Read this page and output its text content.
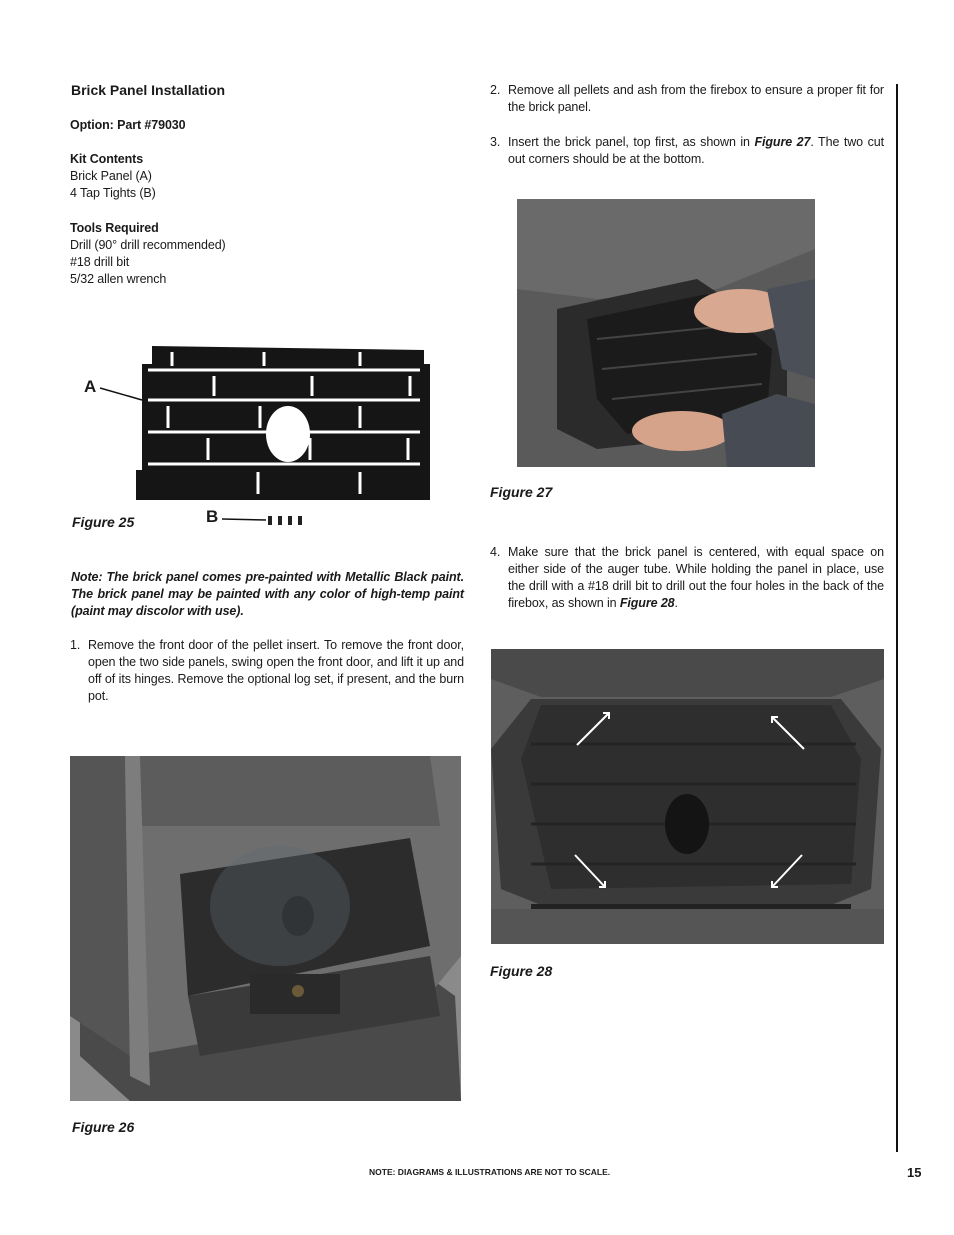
Brick Panel Installation
Option: Part #79030
Kit Contents
Brick Panel (A)
4 Tap Tights (B)
Tools Required
Drill (90° drill recommended)
#18 drill bit
5/32 allen wrench
A
B
Figure 25
Note: The brick panel comes pre-painted with Metallic Black paint. The brick panel may be painted with any color of high-temp paint (paint may discolor with use).
1. Remove the front door of the pellet insert. To remove the front door, open the two side panels, swing open the front door, and lift it up and off of its hinges. Remove the optional log set, if present, and the burn pot.
Figure 26
2. Remove all pellets and ash from the firebox to ensure a proper fit for the brick panel.
3. Insert the brick panel, top first, as shown in Figure 27. The two cut out corners should be at the bottom.
Figure 27
4. Make sure that the brick panel is centered, with equal space on either side of the auger tube. While holding the panel in place, use the drill with a #18 drill bit to drill out the four holes in the back of the firebox, as shown in Figure 28.
Figure 28
NOTE: DIAGRAMS & ILLUSTRATIONS ARE NOT TO SCALE.	15
